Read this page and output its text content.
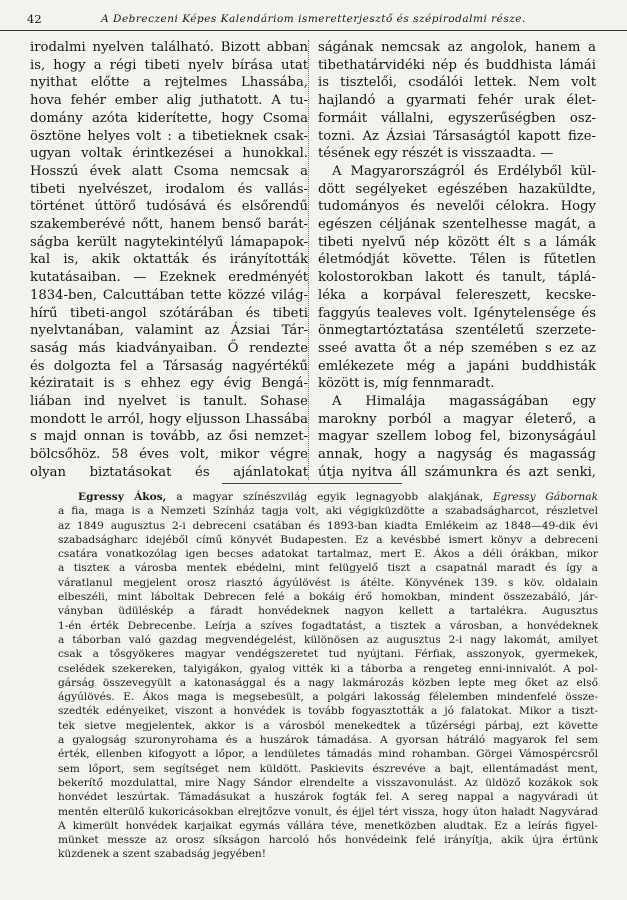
42	A Debreczeni Képes Kalendáriom ismeretterjesztő és szépirodalmi része.
irodalmi nyelven található. Bizott abban
is, hogy a régi tibeti nyelv bírása utat
nyithat előtte a rejtelmes Lhassába,
hova fehér ember alig juthatott. A tu-
domány azóta kiderítette, hogy Csoma
ösztöne helyes volt : a tibetieknek csak-
ugyan voltak érintkezései a hunokkal.
Hosszú évek alatt Csoma nemcsak a
tibeti nyelvészet, irodalom és vallás-
történet úttörő tudósává és elsőrendű
szakemberévé nőtt, hanem benső barát-
ságba került nagytekintélyű lámapapok-
kal is, akik oktatták és irányították
kutatásaiban. — Ezeknek eredményét
1834-ben, Calcuttában tette közzé világ-
hírű tibeti-angol szótárában és tibeti
nyelvtanában, valamint az Ázsiai Tár-
saság más kiadványaiban. Ő rendezte
és dolgozta fel a Társaság nagyértékű
kéziratait is s ehhez egy évig Bengá-
liában ind nyelvet is tanult. Sohase
mondott le arról, hogy eljusson Lhassába
s majd onnan is tovább, az ősi nemzet-
bölcsőhöz. 58 éves volt, mikor végre
olyan biztatásokat és ajánlatokat
ságának nemcsak az angolok, hanem a
tibethatárvidéki nép és buddhista lámái
is tisztelői, csodálói lettek. Nem volt
hajlandó a gyarmati fehér urak élet-
formáit vállalni, egyszerűségben osz-
tozni. Az Ázsiai Társaságtól kapott fize-
tésének egy részét is visszaadta. —
A Magyarországról és Erdélyből kül-
dött segélyeket egészében hazaküldte,
tudományos és nevelői célokra. Hogy
egészen céljának szentelhesse magát, a
tibeti nyelvű nép között élt s a lámák
életmódját követte. Télen is fűtetlen
kolostorokban lakott és tanult, táplá-
léka a korpával felereszett, kecske-
faggyús tealeves volt. Igénytelensége és
önmegtartóztatása szentéletű szerzete-
sseé avatta őt a nép szemében s ez az
emlékezete még a japáni buddhisták
között is, míg fennmaradt.
A Himalája magasságában egy
marokny porból a magyar életerő, a
magyar szellem lobog fel, bizonyságául
annak, hogy a nagyság és magasság
útja nyitva áll számunkra és azt senki,
Egressy Ákos, a magyar színészvilág egyik legnagyobb alakjának, Egressy Gábornak
a fia, maga is a Nemzeti Színház tagja volt, aki végigküzdötte a szabadságharcot, részletvel
az 1849 augusztus 2-i debreceni csatában és 1893-ban kiadta Emlékeim az 1848—49-dik évi
szabadságharc idejéből című könyvét Budapesten. Ez a kevésbbé ismert könyv a debreceni
csatára vonatkozólag igen becses adatokat tartalmaz, mert E. Ákos a déli órákban, mikor
a tiszteк a városba mentek ebédelni, mint felügyelő tiszt a csapatnál maradt és így a
váratlanul megjelent orosz riasztó ágyúlövést is átélte. Könyvének 139. s köv. oldalain
elbeszéli, mint láboltak Debrecen felé a bokáig érő homokban, mindent összezabáló, jár-
ványban üdüléskép a fáradt honvédeknek nagyon kellett a tartalékra. Augusztus
1-én érték Debrecenbe. Leírja a szíves fogadtatást, a tisztek a városban, a honvédeknek
a táborban való gazdag megvendégelést, különösen az augusztus 2-i nagy lakomát, amilyet
csak a tősgyökeres magyar vendégszeretet tud nyújtani. Férfiak, asszonyok, gyermekek,
cselédek szekereken, talyigákon, gyalog vitték ki a táborba a rengeteg enni-innivalót. A pol-
gárság összevegyült a katonasággal és a nagy lakmározás közben lepte meg őket az első
ágyúlövés. E. Ákos maga is megsebesült, a polgári lakosság félelemben mindenfelé össze-
szedték edényeiket, viszont a honvédek is tovább fogyasztották a jó falatokat. Mikor a tiszt-
tek sietve megjelentek, akkor is a városból menekedtek a tűzérségi párbaj, ezt követte
a gyalogság szuronyrohama és a huszárok támadása. A gyorsan hátráló magyarok fel sem
érték, ellenben kifogyott a lőpor, a lendületes támadás mind rohamban. Görgei Vámospércsről
sem lőport, sem segítséget nem küldött. Paskievits észrevéve a bajt, ellentámadást ment,
bekerítő mozdulattal, mire Nagy Sándor elrendelte a visszavonulást. Az üldöző kozákok sok
honvédet leszúrtak. Támadásukat a huszárok fogták fel. A sereg nappal a nagyváradi út
mentén elterülő kukoricásokban elrejtőzve vonult, és éjjel tért vissza, hogy úton haladt Nagyvárad
A kimerült honvédek karjaikat egymás vállára téve, menetközben aludtak. Ez a leírás figyel-
münket messze az orosz síkságon harcoló hős honvédeink felé irányítja, akik újra értünk
küzdenek a szent szabadság jegyében!
